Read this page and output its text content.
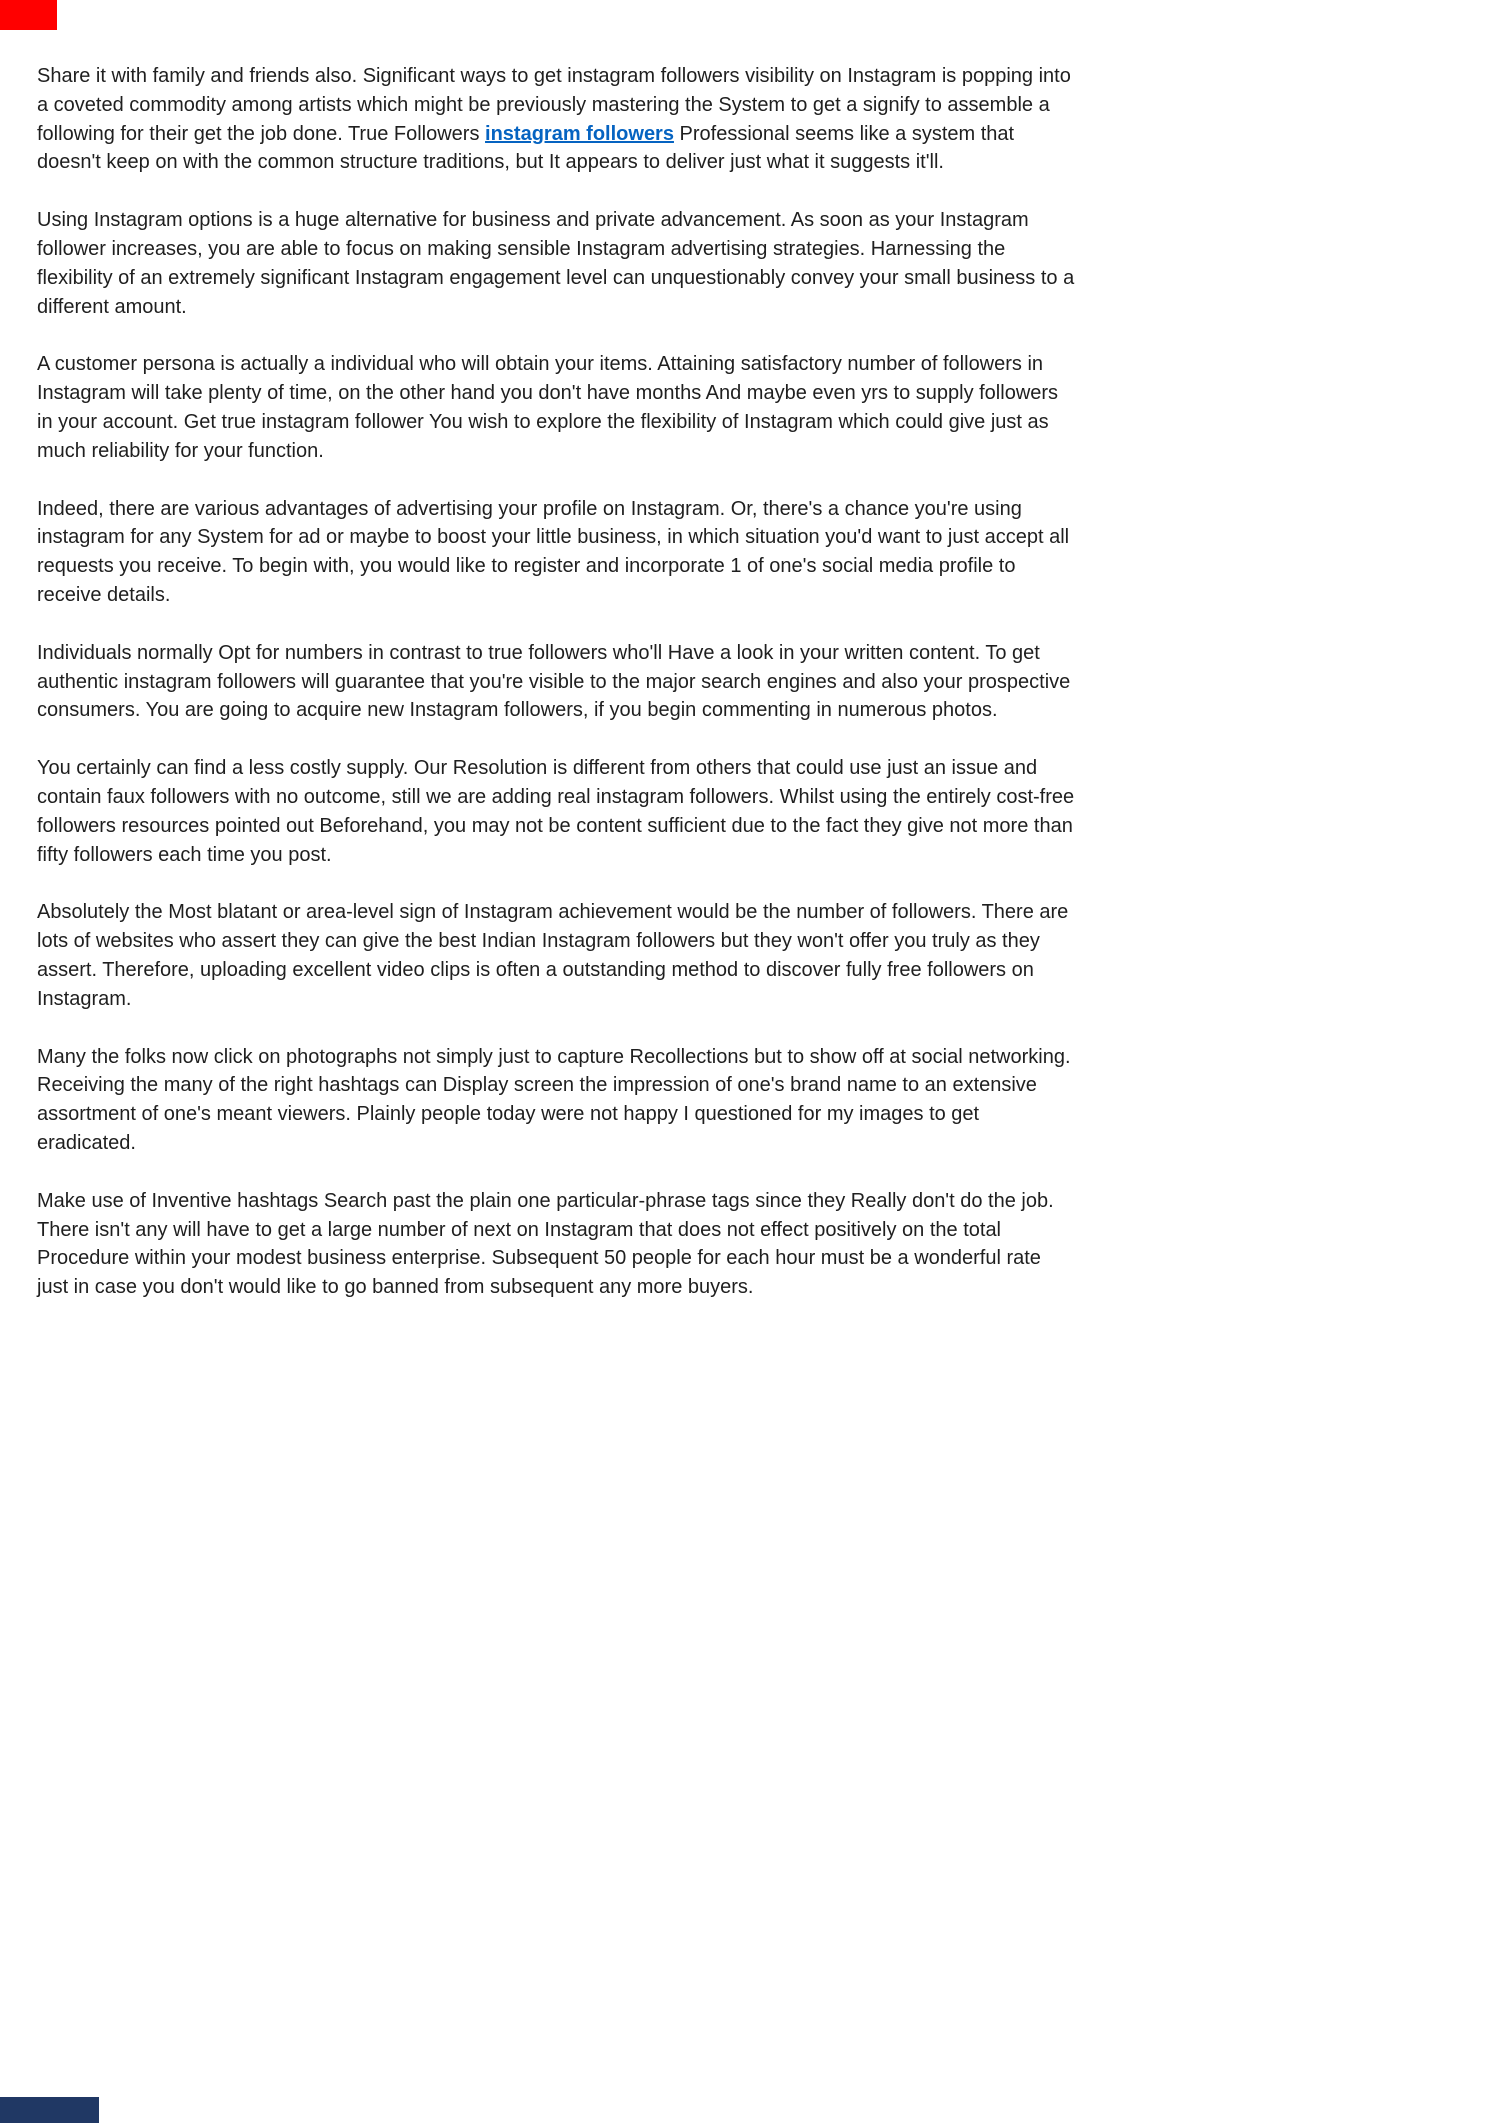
Share it with family and friends also. Significant ways to get instagram followers visibility on Instagram is popping into a coveted commodity among artists which might be previously mastering the System to get a signify to assemble a following for their get the job done. True Followers instagram followers Professional seems like a system that doesn't keep on with the common structure traditions, but It appears to deliver just what it suggests it'll.

Using Instagram options is a huge alternative for business and private advancement. As soon as your Instagram follower increases, you are able to focus on making sensible Instagram advertising strategies. Harnessing the flexibility of an extremely significant Instagram engagement level can unquestionably convey your small business to a different amount.

A customer persona is actually a individual who will obtain your items. Attaining satisfactory number of followers in Instagram will take plenty of time, on the other hand you don't have months And maybe even yrs to supply followers in your account. Get true instagram follower You wish to explore the flexibility of Instagram which could give just as much reliability for your function.

Indeed, there are various advantages of advertising your profile on Instagram. Or, there's a chance you're using instagram for any System for ad or maybe to boost your little business, in which situation you'd want to just accept all requests you receive. To begin with, you would like to register and incorporate 1 of one's social media profile to receive details.

Individuals normally Opt for numbers in contrast to true followers who'll Have a look in your written content. To get authentic instagram followers will guarantee that you're visible to the major search engines and also your prospective consumers. You are going to acquire new Instagram followers, if you begin commenting in numerous photos.

You certainly can find a less costly supply. Our Resolution is different from others that could use just an issue and contain faux followers with no outcome, still we are adding real instagram followers. Whilst using the entirely cost-free followers resources pointed out Beforehand, you may not be content sufficient due to the fact they give not more than fifty followers each time you post.

Absolutely the Most blatant or area-level sign of Instagram achievement would be the number of followers. There are lots of websites who assert they can give the best Indian Instagram followers but they won't offer you truly as they assert. Therefore, uploading excellent video clips is often a outstanding method to discover fully free followers on Instagram.

Many the folks now click on photographs not simply just to capture Recollections but to show off at social networking. Receiving the many of the right hashtags can Display screen the impression of one's brand name to an extensive assortment of one's meant viewers. Plainly people today were not happy I questioned for my images to get eradicated.

Make use of Inventive hashtags Search past the plain one particular-phrase tags since they Really don't do the job. There isn't any will have to get a large number of next on Instagram that does not effect positively on the total Procedure within your modest business enterprise. Subsequent 50 people for each hour must be a wonderful rate just in case you don't would like to go banned from subsequent any more buyers.
